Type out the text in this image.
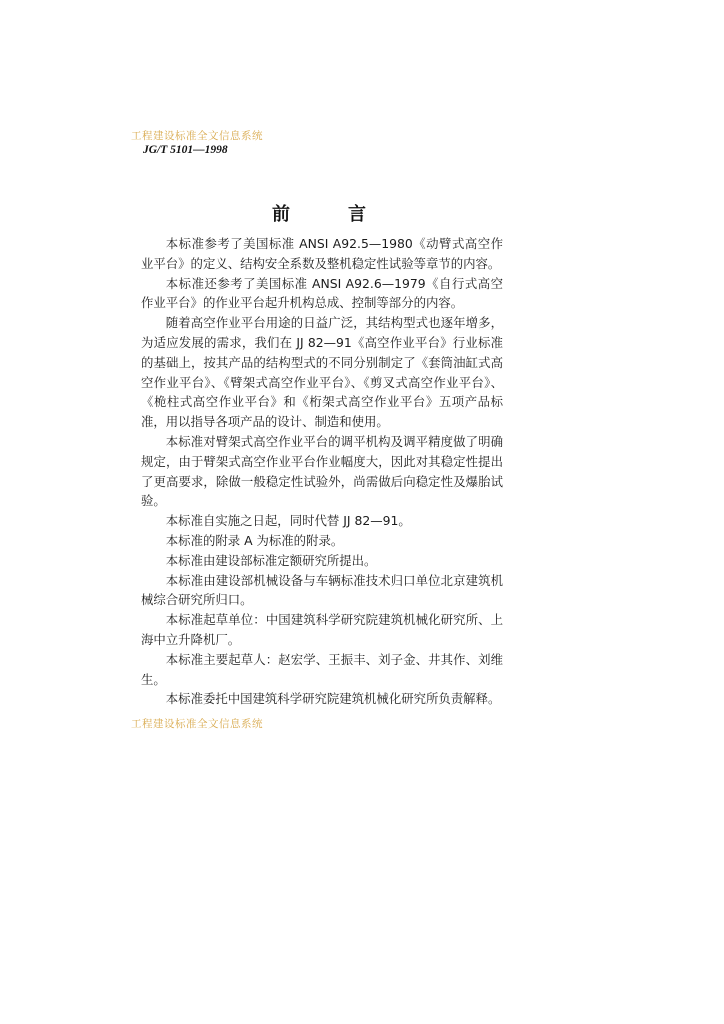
工程建设标准全文信息系统
JG/T 5101—1998
前言

本标准参考了美国标准 ANSI A92.5—1980《动臂式高空作业平台》的定义、结构安全系数及整机稳定性试验等章节的内容。

本标准还参考了美国标准 ANSI A92.6—1979《自行式高空作业平台》的作业平台起升机构总成、控制等部分的内容。

随着高空作业平台用途的日益广泛，其结构型式也逐年增多，为适应发展的需求，我们在 JJ 82—91《高空作业平台》行业标准的基础上，按其产品的结构型式的不同分别制定了《套筒油缸式高空作业平台》、《臂架式高空作业平台》、《剪叉式高空作业平台》、《桅柱式高空作业平台》和《桁架式高空作业平台》五项产品标准，用以指导各项产品的设计、制造和使用。

本标准对臂架式高空作业平台的调平机构及调平精度做了明确规定，由于臂架式高空作业平台作业幅度大，因此对其稳定性提出了更高要求，除做一般稳定性试验外，尚需做后向稳定性及爆胎试验。

本标准自实施之日起，同时代替 JJ 82—91。

本标准的附录 A 为标准的附录。

本标准由建设部标准定额研究所提出。

本标准由建设部机械设备与车辆标准技术归口单位北京建筑机械综合研究所归口。

本标准起草单位：中国建筑科学研究院建筑机械化研究所、上海中立升降机厂。

本标准主要起草人：赵宏学、王振丰、刘子金、井其作、刘维生。

本标准委托中国建筑科学研究院建筑机械化研究所负责解释。

工程建设标准全文信息系统
